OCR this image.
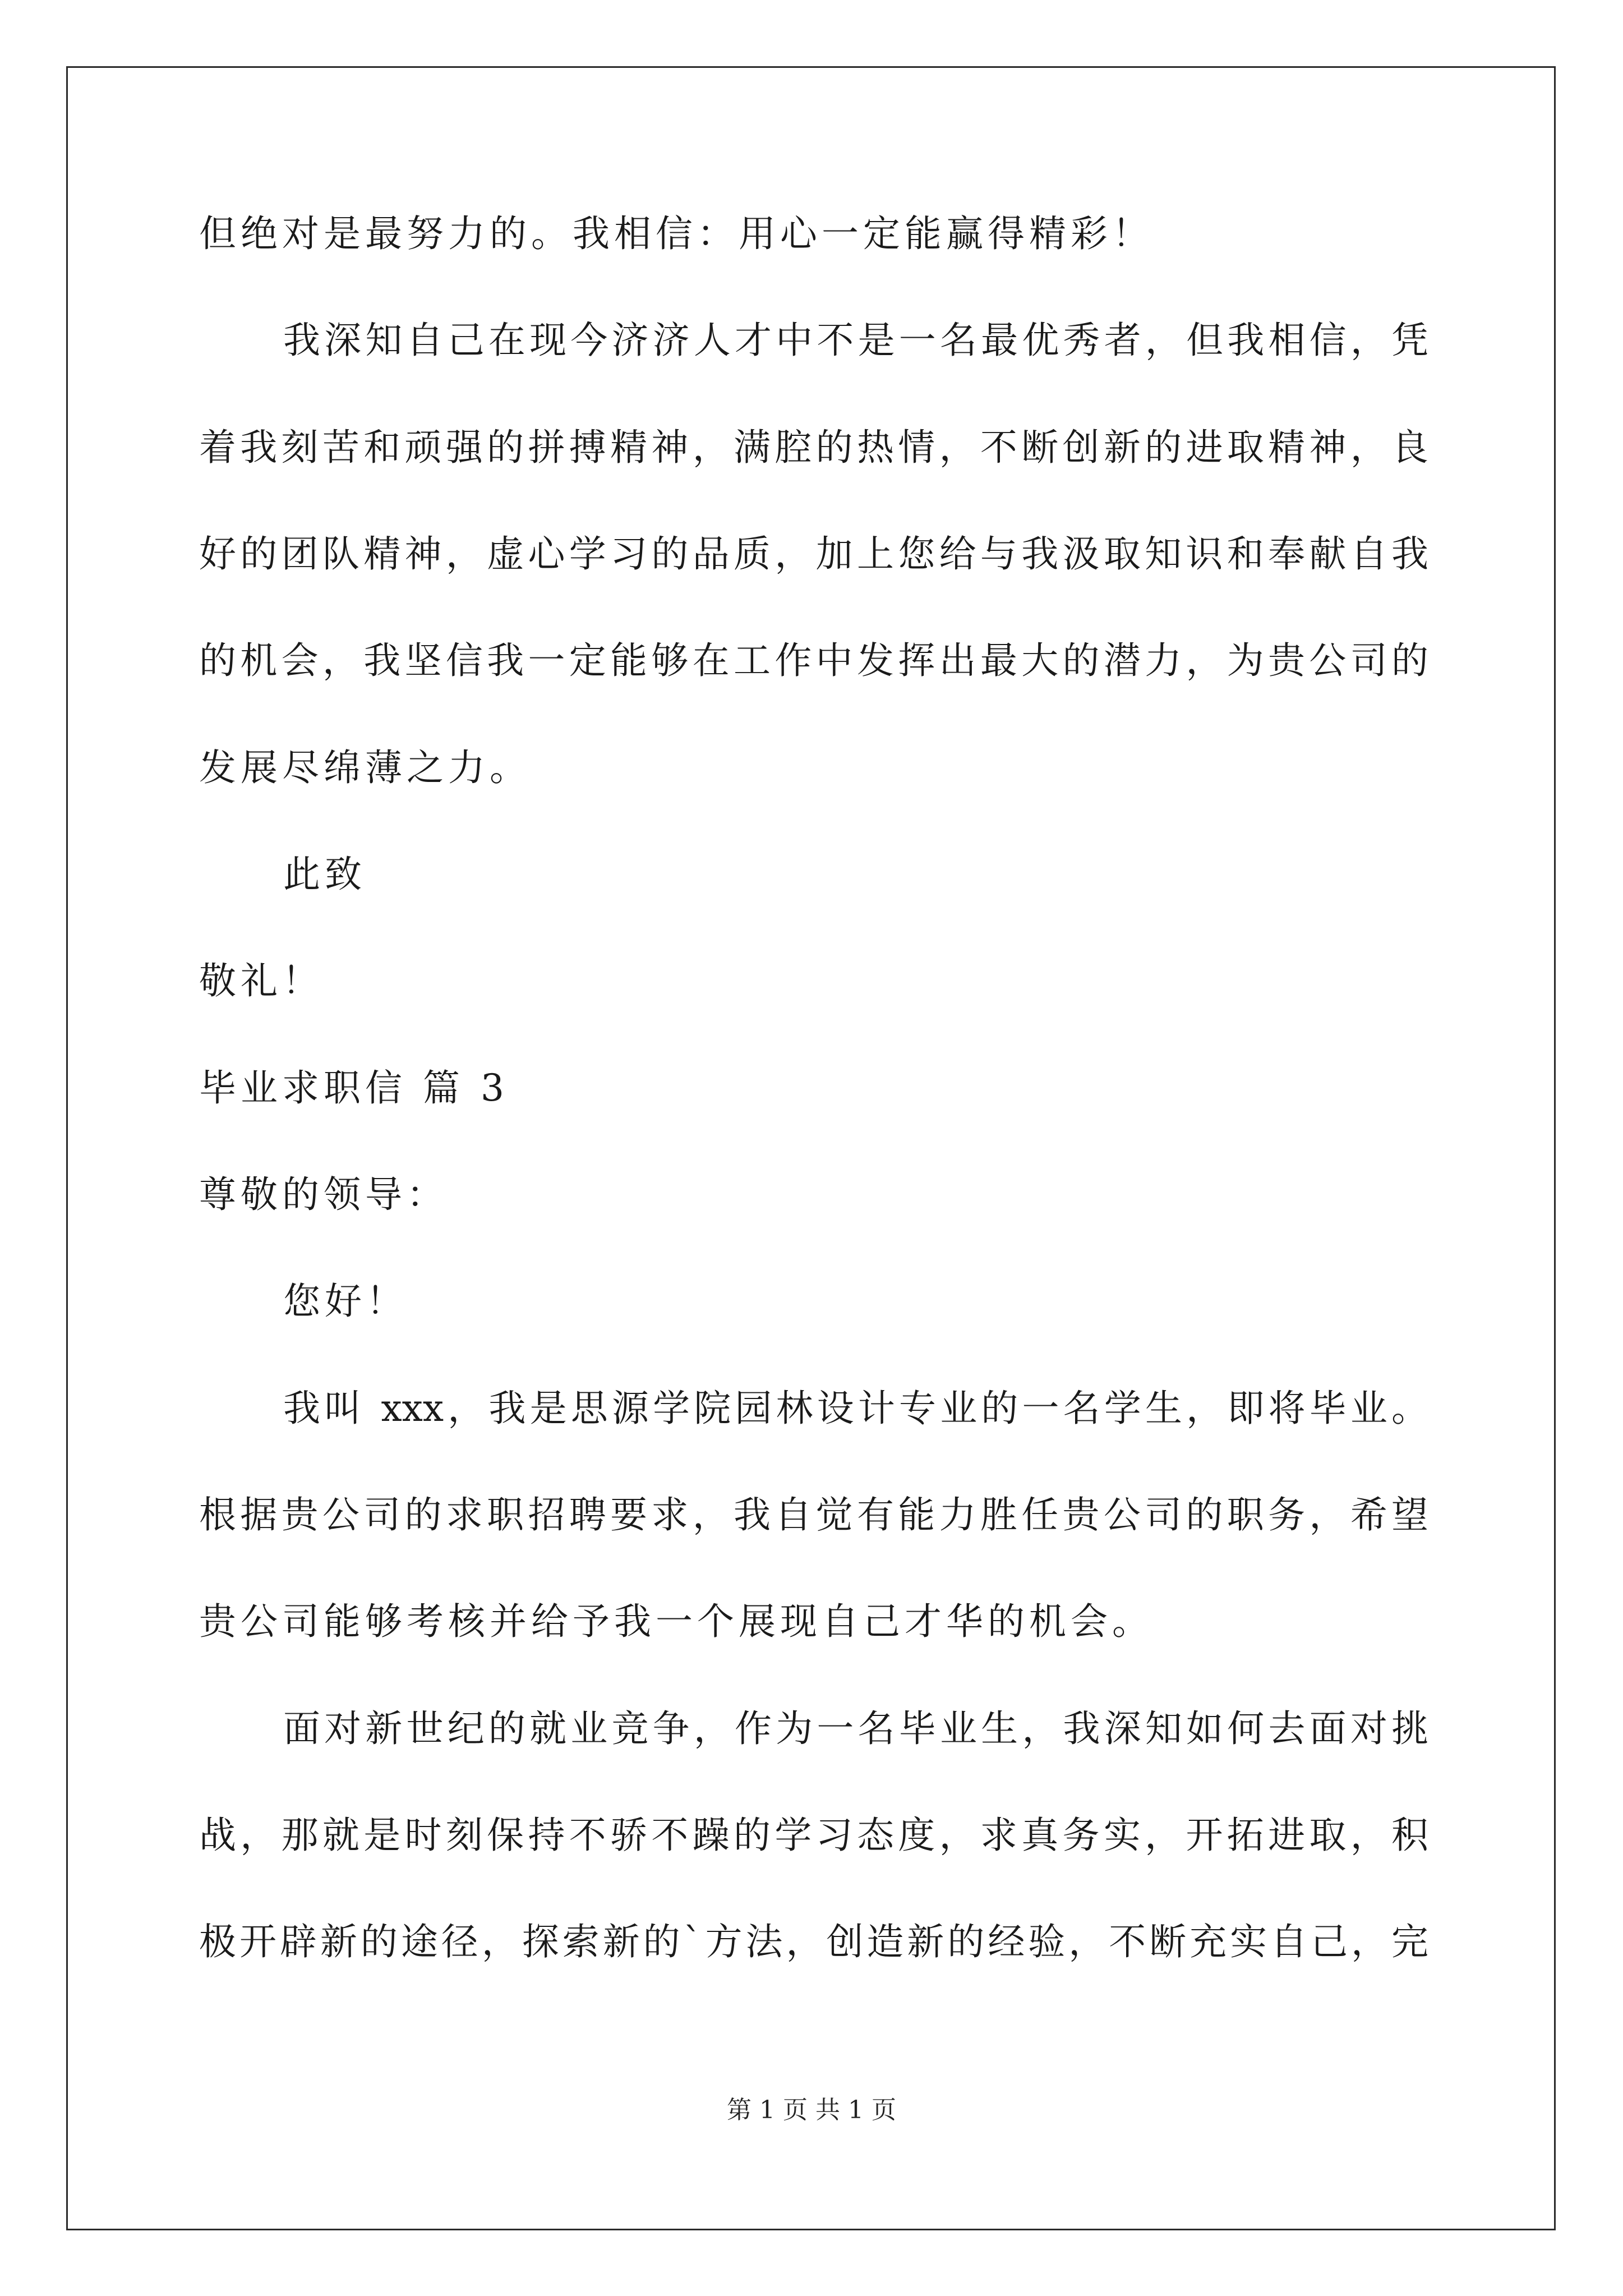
但绝对是最努力的。我相信：用心一定能赢得精彩！
我深知自己在现今济济人才中不是一名最优秀者，但我相信，凭
着我刻苦和顽强的拼搏精神，满腔的热情，不断创新的进取精神，良
好的团队精神，虚心学习的品质，加上您给与我汲取知识和奉献自我
的机会，我坚信我一定能够在工作中发挥出最大的潜力，为贵公司的
发展尽绵薄之力。
此致
敬礼！
毕业求职信 篇 3
尊敬的领导：
您好！
我叫 xxx，我是思源学院园林设计专业的一名学生，即将毕业。
根据贵公司的求职招聘要求，我自觉有能力胜任贵公司的职务，希望
贵公司能够考核并给予我一个展现自己才华的机会。
面对新世纪的就业竞争，作为一名毕业生，我深知如何去面对挑
战，那就是时刻保持不骄不躁的学习态度，求真务实，开拓进取，积
极开辟新的途径，探索新的`方法，创造新的经验，不断充实自己，完
第 1 页 共 1 页
